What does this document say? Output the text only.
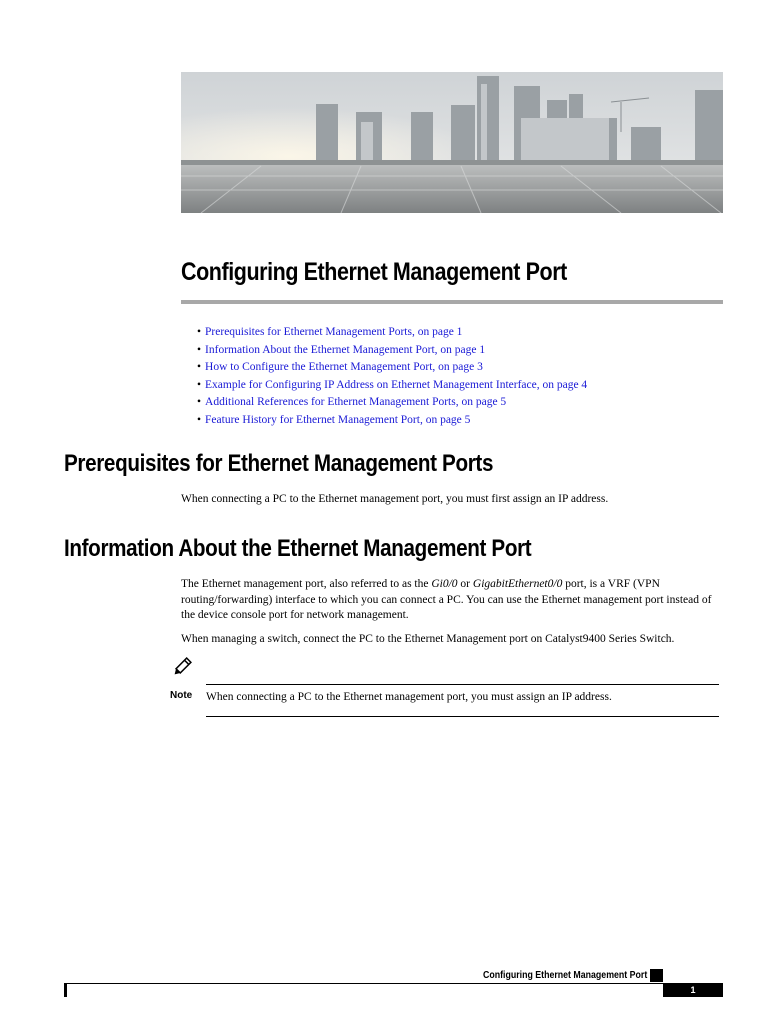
Configuring Ethernet Management Port
• Prerequisites for Ethernet Management Ports, on page 1
• Information About the Ethernet Management Port, on page 1
• How to Configure the Ethernet Management Port, on page 3
• Example for Configuring IP Address on Ethernet Management Interface, on page 4
• Additional References for Ethernet Management Ports, on page 5
• Feature History for Ethernet Management Port, on page 5
Prerequisites for Ethernet Management Ports

When connecting a PC to the Ethernet management port, you must first assign an IP address.

Information About the Ethernet Management Port

The Ethernet management port, also referred to as the Gi0/0 or GigabitEthernet0/0 port, is a VRF (VPN routing/forwarding) interface to which you can connect a PC. You can use the Ethernet management port instead of the device console port for network management.

When managing a switch, connect the PC to the Ethernet Management port on Catalyst9400 Series Switch.

Note When connecting a PC to the Ethernet management port, you must assign an IP address.
Configuring Ethernet Management Port
1
